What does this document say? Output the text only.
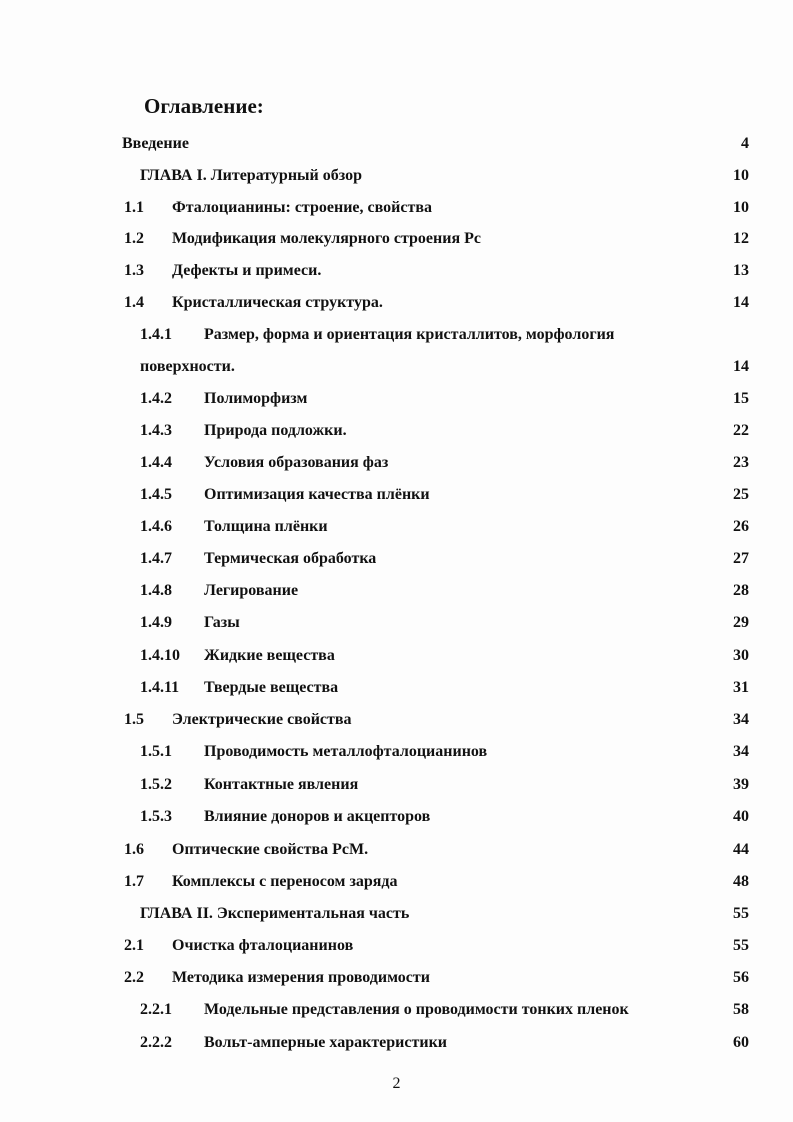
Оглавление:
Введение	4
ГЛАВА I. Литературный обзор	10
1.1 Фталоцианины: строение, свойства	10
1.2 Модификация молекулярного строения Pc	12
1.3 Дефекты и примеси.	13
1.4 Кристаллическая структура.	14
1.4.1 Размер, форма и ориентация кристаллитов, морфология
поверхности.	14
1.4.2 Полиморфизм	15
1.4.3 Природа подложки.	22
1.4.4 Условия образования фаз	23
1.4.5 Оптимизация качества плёнки	25
1.4.6 Толщина плёнки	26
1.4.7 Термическая обработка	27
1.4.8 Легирование	28
1.4.9 Газы	29
1.4.10 Жидкие вещества	30
1.4.11 Твердые вещества	31
1.5 Электрические свойства	34
1.5.1 Проводимость металлофталоцианинов	34
1.5.2 Контактные явления	39
1.5.3 Влияние доноров и акцепторов	40
1.6 Оптические свойства PcM.	44
1.7 Комплексы с переносом заряда	48
ГЛАВА II. Экспериментальная часть	55
2.1 Очистка фталоцианинов	55
2.2 Методика измерения проводимости	56
2.2.1 Модельные представления о проводимости тонких пленок	58
2.2.2 Вольт-амперные характеристики	60
2
